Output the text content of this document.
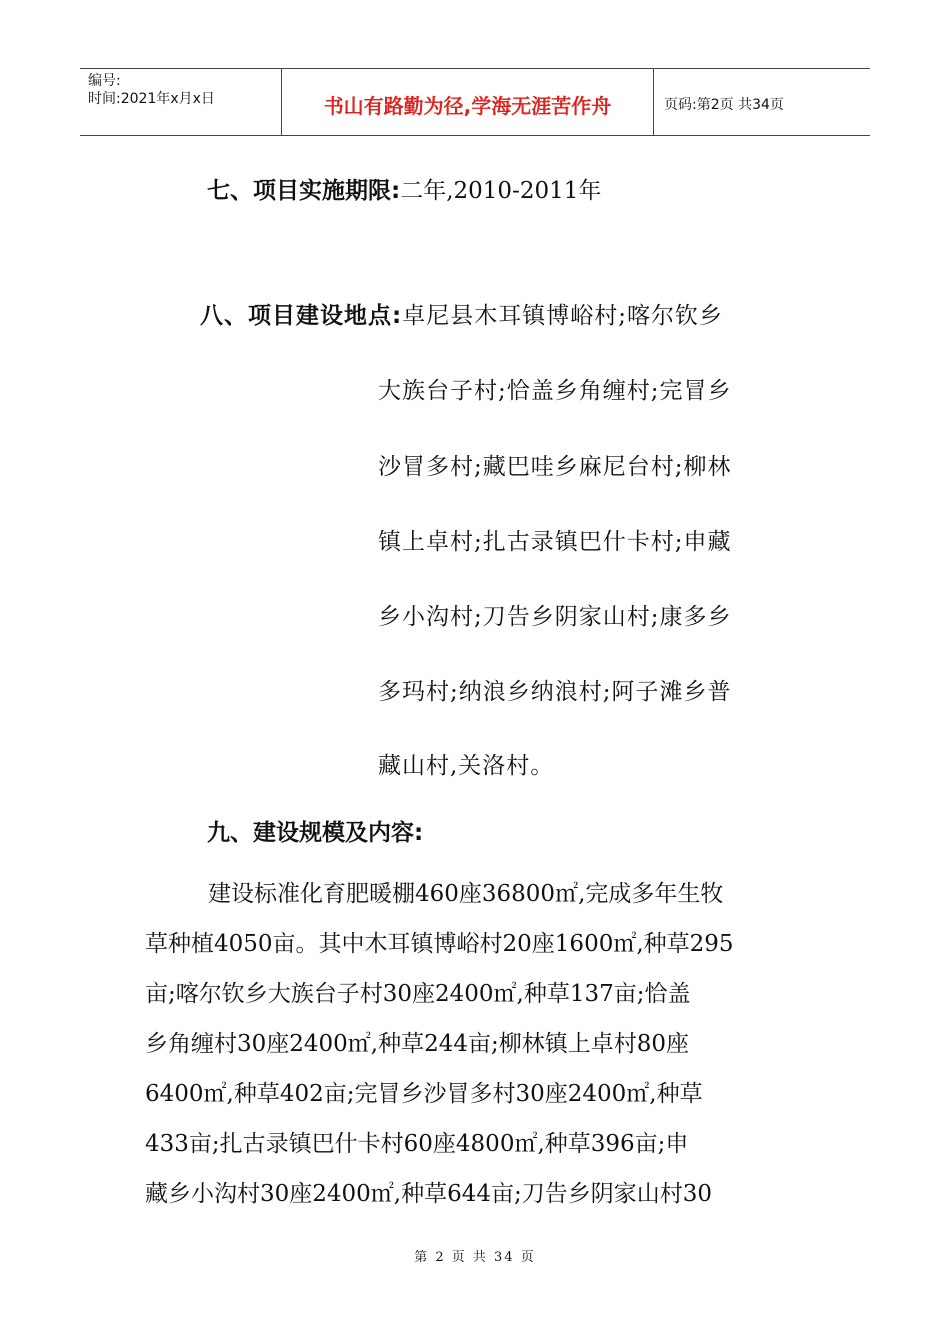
编号:
时间:2021年x月x日	书山有路勤为径,学海无涯苦作舟	页码:第2页 共34页
七、项目实施期限:二年,2010-2011年
八、项目建设地点:卓尼县木耳镇博峪村;喀尔钦乡
大族台子村;恰盖乡角缠村;完冒乡
沙冒多村;藏巴哇乡麻尼台村;柳林
镇上卓村;扎古录镇巴什卡村;申藏
乡小沟村;刀告乡阴家山村;康多乡
多玛村;纳浪乡纳浪村;阿子滩乡普
藏山村,关洛村。
九、建设规模及内容:
建设标准化育肥暖棚460座36800㎡,完成多年生牧
草种植4050亩。其中木耳镇博峪村20座1600㎡,种草295
亩;喀尔钦乡大族台子村30座2400㎡,种草137亩;恰盖
乡角缠村30座2400㎡,种草244亩;柳林镇上卓村80座
6400㎡,种草402亩;完冒乡沙冒多村30座2400㎡,种草
433亩;扎古录镇巴什卡村60座4800㎡,种草396亩;申
藏乡小沟村30座2400㎡,种草644亩;刀告乡阴家山村30
第 2 页 共 34 页
